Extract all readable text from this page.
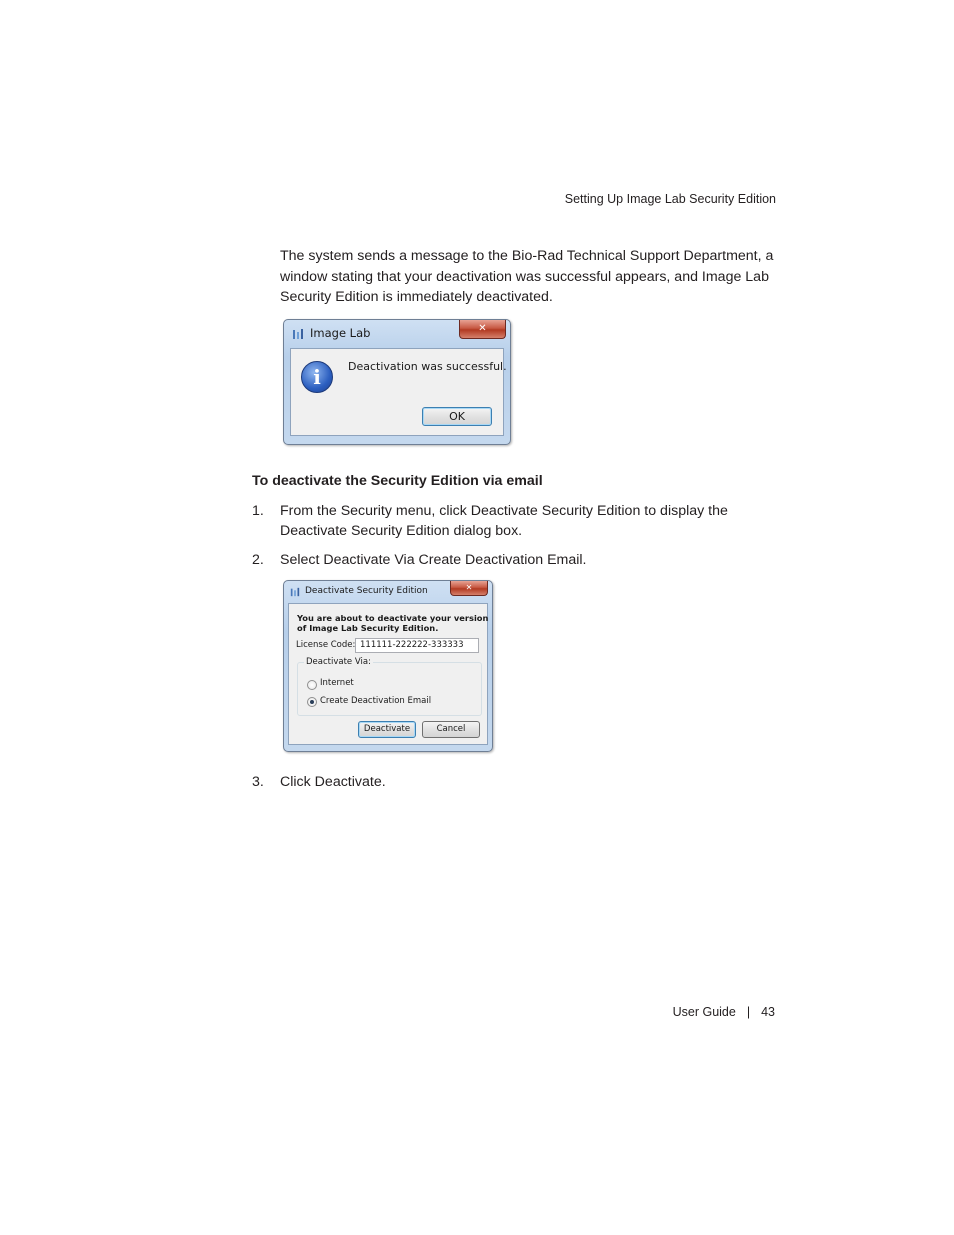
Setting Up Image Lab Security Edition
The system sends a message to the Bio-Rad Technical Support Department, a window stating that your deactivation was successful appears, and Image Lab Security Edition is immediately deactivated.
Image Lab	✕
i	Deactivation was successful.
OK
To deactivate the Security Edition via email
1. From the Security menu, click Deactivate Security Edition to display the Deactivate Security Edition dialog box.
2. Select Deactivate Via Create Deactivation Email.
Deactivate Security Edition	✕
You are about to deactivate your version
of Image Lab Security Edition.
License Code: 111111-222222-333333
Deactivate Via:
Internet
Create Deactivation Email
Deactivate	Cancel
3. Click Deactivate.
User Guide | 43
